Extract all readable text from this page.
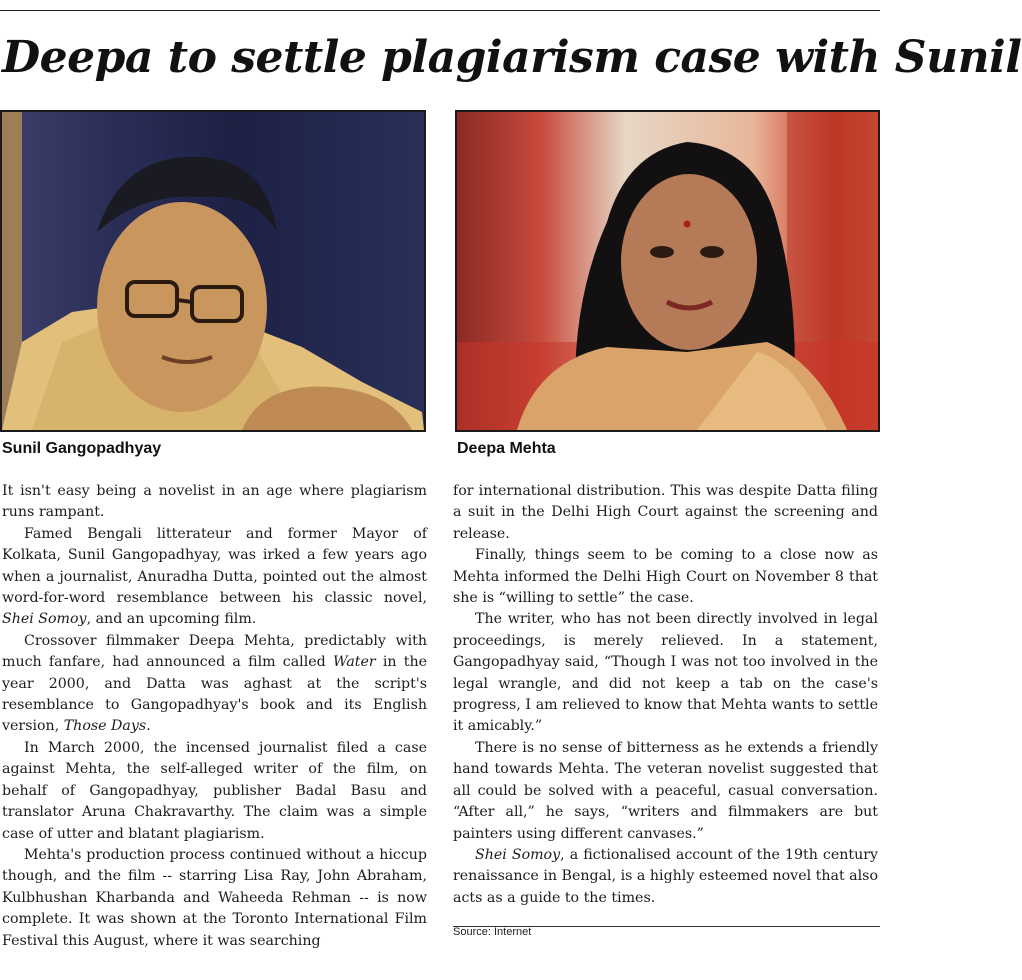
Deepa to settle plagiarism case with Sunil

Sunil Gangopadhyay	Deepa Mehta

It isn't easy being a novelist in an age where plagiarism runs rampant.

Famed Bengali litterateur and former Mayor of Kolkata, Sunil Gangopadhyay, was irked a few years ago when a journalist, Anuradha Dutta, pointed out the almost word-for-word resemblance between his classic novel, Shei Somoy, and an upcoming film.

Crossover filmmaker Deepa Mehta, predictably with much fanfare, had announced a film called Water in the year 2000, and Datta was aghast at the script's resemblance to Gangopadhyay's book and its English version, Those Days.

In March 2000, the incensed journalist filed a case against Mehta, the self-alleged writer of the film, on behalf of Gangopadhyay, publisher Badal Basu and translator Aruna Chakravarthy. The claim was a simple case of utter and blatant plagiarism.

Mehta's production process continued without a hiccup though, and the film -- starring Lisa Ray, John Abraham, Kulbhushan Kharbanda and Waheeda Rehman -- is now complete. It was shown at the Toronto International Film Festival this August, where it was searching

for international distribution. This was despite Datta filing a suit in the Delhi High Court against the screening and release.

Finally, things seem to be coming to a close now as Mehta informed the Delhi High Court on November 8 that she is “willing to settle” the case.

The writer, who has not been directly involved in legal proceedings, is merely relieved. In a statement, Gangopadhyay said, “Though I was not too involved in the legal wrangle, and did not keep a tab on the case's progress, I am relieved to know that Mehta wants to settle it amicably.”

There is no sense of bitterness as he extends a friendly hand towards Mehta. The veteran novelist suggested that all could be solved with a peaceful, casual conversation. “After all,” he says, “writers and filmmakers are but painters using different canvases.”

Shei Somoy, a fictionalised account of the 19th century renaissance in Bengal, is a highly esteemed novel that also acts as a guide to the times.

Source: Internet
